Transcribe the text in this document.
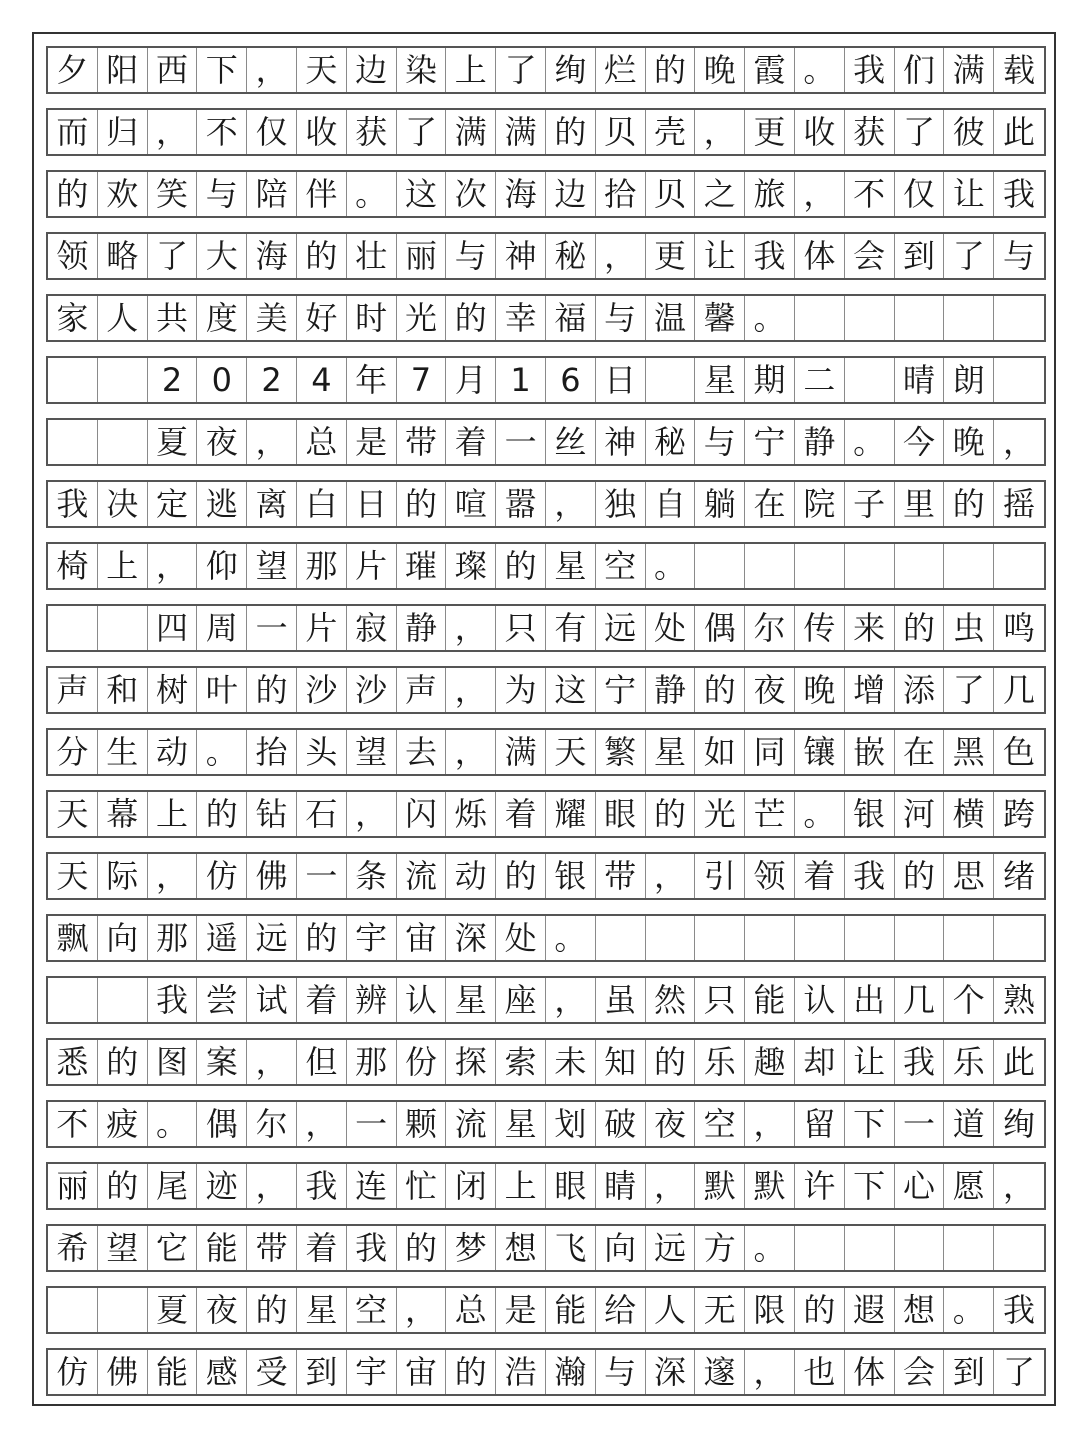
夕 阳 西 下 ， 天 边 染 上 了 绚 烂 的 晚 霞 。 我 们 满 载
而 归 ， 不 仅 收 获 了 满 满 的 贝 壳 ， 更 收 获 了 彼 此
的 欢 笑 与 陪 伴 。 这 次 海 边 拾 贝 之 旅 ， 不 仅 让 我
领 略 了 大 海 的 壮 丽 与 神 秘 ， 更 让 我 体 会 到 了 与
家 人 共 度 美 好 时 光 的 幸 福 与 温 馨 。
2 0 2 4 年 7 月 1 6 日 星 期 二 晴 朗
夏 夜 ， 总 是 带 着 一 丝 神 秘 与 宁 静 。 今 晚 ，
我 决 定 逃 离 白 日 的 喧 嚣 ， 独 自 躺 在 院 子 里 的 摇
椅 上 ， 仰 望 那 片 璀 璨 的 星 空 。
四 周 一 片 寂 静 ， 只 有 远 处 偶 尔 传 来 的 虫 鸣
声 和 树 叶 的 沙 沙 声 ， 为 这 宁 静 的 夜 晚 增 添 了 几
分 生 动 。 抬 头 望 去 ， 满 天 繁 星 如 同 镶 嵌 在 黑 色
天 幕 上 的 钻 石 ， 闪 烁 着 耀 眼 的 光 芒 。 银 河 横 跨
天 际 ， 仿 佛 一 条 流 动 的 银 带 ， 引 领 着 我 的 思 绪
飘 向 那 遥 远 的 宇 宙 深 处 。
我 尝 试 着 辨 认 星 座 ， 虽 然 只 能 认 出 几 个 熟
悉 的 图 案 ， 但 那 份 探 索 未 知 的 乐 趣 却 让 我 乐 此
不 疲 。 偶 尔 ， 一 颗 流 星 划 破 夜 空 ， 留 下 一 道 绚
丽 的 尾 迹 ， 我 连 忙 闭 上 眼 睛 ， 默 默 许 下 心 愿 ，
希 望 它 能 带 着 我 的 梦 想 飞 向 远 方 。
夏 夜 的 星 空 ， 总 是 能 给 人 无 限 的 遐 想 。 我
仿 佛 能 感 受 到 宇 宙 的 浩 瀚 与 深 邃 ， 也 体 会 到 了
